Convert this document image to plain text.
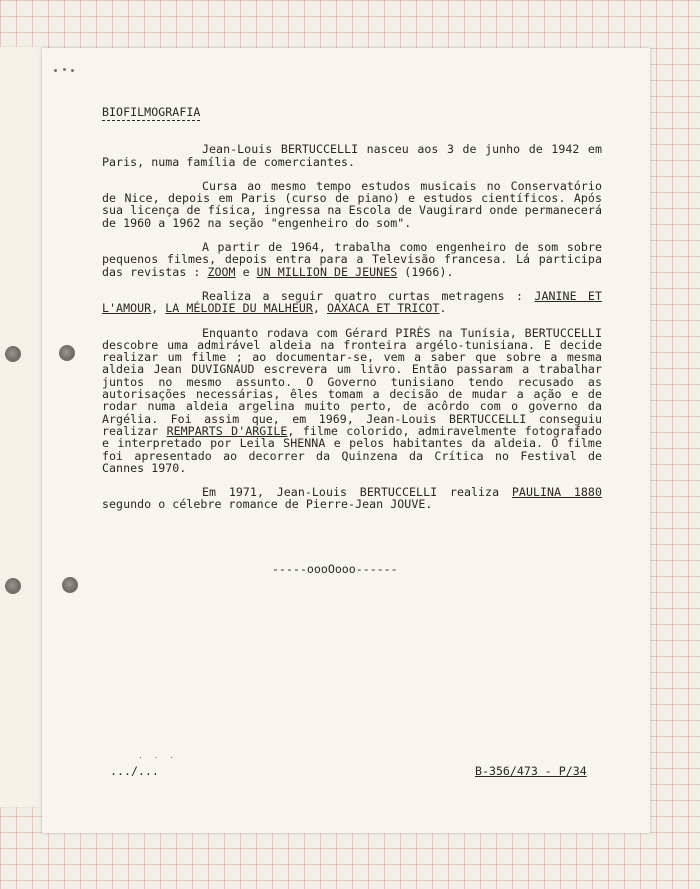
BIOFILMOGRAFIA

Jean-Louis BERTUCCELLI nasceu aos 3 de junho de 1942 em Paris, numa família de comerciantes.

Cursa ao mesmo tempo estudos musicais no Conservatório de Nice, depois em Paris (curso de piano) e estudos científicos. Após sua licença de física, ingressa na Escola de Vaugirard onde permanecerá de 1960 a 1962 na seção "engenheiro do som".

A partir de 1964, trabalha como engenheiro de som sobre pequenos filmes, depois entra para a Televisão francesa. Lá participa das revistas : ZOOM e UN MILLION DE JEUNES (1966).

Realiza a seguir quatro curtas metragens : JANINE ET L'AMOUR, LA MÉLODIE DU MALHEUR, OAXACA ET TRICOT.

Enquanto rodava com Gérard PIRÈS na Tunísia, BERTUCCELLI descobre uma admirável aldeia na fronteira argélo-tunisiana. E decide realizar um filme ; ao documentar-se, vem a saber que sobre a mesma aldeia Jean DUVIGNAUD escrevera um livro. Então passaram a trabalhar juntos no mesmo assunto. O Governo tunisiano tendo recusado as autorisações necessárias, êles tomam a decisão de mudar a ação e de rodar numa aldeia argelina muito perto, de acôrdo com o governo da Argélia. Foi assim que, em 1969, Jean-Louis BERTUCCELLI conseguiu realizar REMPARTS D'ARGILE, filme colorido, admiravelmente fotografado e interpretado por Leila SHENNA e pelos habitantes da aldeia. O filme foi apresentado ao decorrer da Quinzena da Crítica no Festival de Cannes 1970.

Em 1971, Jean-Louis BERTUCCELLI realiza PAULINA 1880 segundo o célebre romance de Pierre-Jean JOUVE.

-----oooOooo------
. . .
.../...	B-356/473 - P/34
